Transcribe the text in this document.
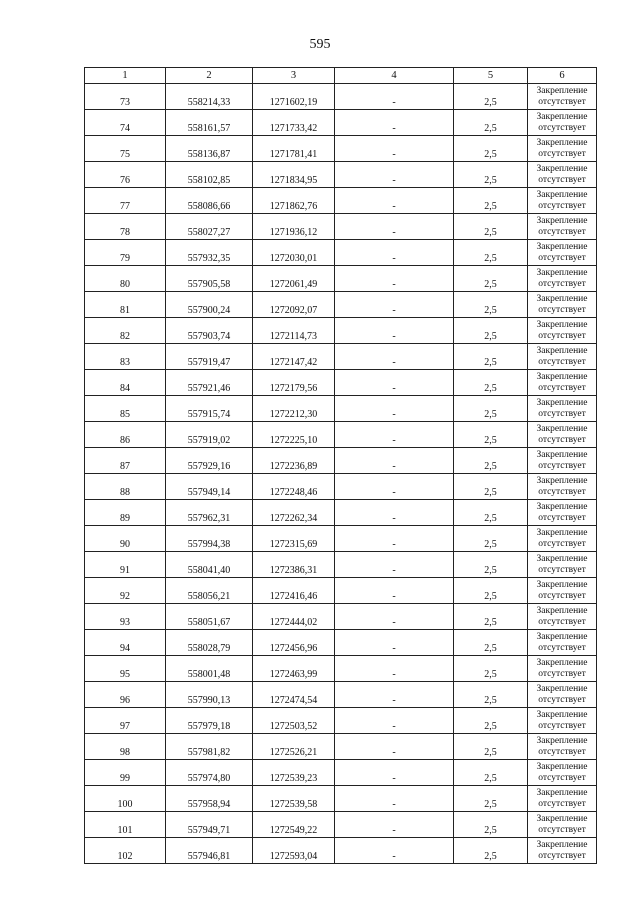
595
1	2	3	4	5	6
73	558214,33	1271602,19	-	2,5	Закрепление отсутствует
74	558161,57	1271733,42	-	2,5	Закрепление отсутствует
75	558136,87	1271781,41	-	2,5	Закрепление отсутствует
76	558102,85	1271834,95	-	2,5	Закрепление отсутствует
77	558086,66	1271862,76	-	2,5	Закрепление отсутствует
78	558027,27	1271936,12	-	2,5	Закрепление отсутствует
79	557932,35	1272030,01	-	2,5	Закрепление отсутствует
80	557905,58	1272061,49	-	2,5	Закрепление отсутствует
81	557900,24	1272092,07	-	2,5	Закрепление отсутствует
82	557903,74	1272114,73	-	2,5	Закрепление отсутствует
83	557919,47	1272147,42	-	2,5	Закрепление отсутствует
84	557921,46	1272179,56	-	2,5	Закрепление отсутствует
85	557915,74	1272212,30	-	2,5	Закрепление отсутствует
86	557919,02	1272225,10	-	2,5	Закрепление отсутствует
87	557929,16	1272236,89	-	2,5	Закрепление отсутствует
88	557949,14	1272248,46	-	2,5	Закрепление отсутствует
89	557962,31	1272262,34	-	2,5	Закрепление отсутствует
90	557994,38	1272315,69	-	2,5	Закрепление отсутствует
91	558041,40	1272386,31	-	2,5	Закрепление отсутствует
92	558056,21	1272416,46	-	2,5	Закрепление отсутствует
93	558051,67	1272444,02	-	2,5	Закрепление отсутствует
94	558028,79	1272456,96	-	2,5	Закрепление отсутствует
95	558001,48	1272463,99	-	2,5	Закрепление отсутствует
96	557990,13	1272474,54	-	2,5	Закрепление отсутствует
97	557979,18	1272503,52	-	2,5	Закрепление отсутствует
98	557981,82	1272526,21	-	2,5	Закрепление отсутствует
99	557974,80	1272539,23	-	2,5	Закрепление отсутствует
100	557958,94	1272539,58	-	2,5	Закрепление отсутствует
101	557949,71	1272549,22	-	2,5	Закрепление отсутствует
102	557946,81	1272593,04	-	2,5	Закрепление отсутствует
